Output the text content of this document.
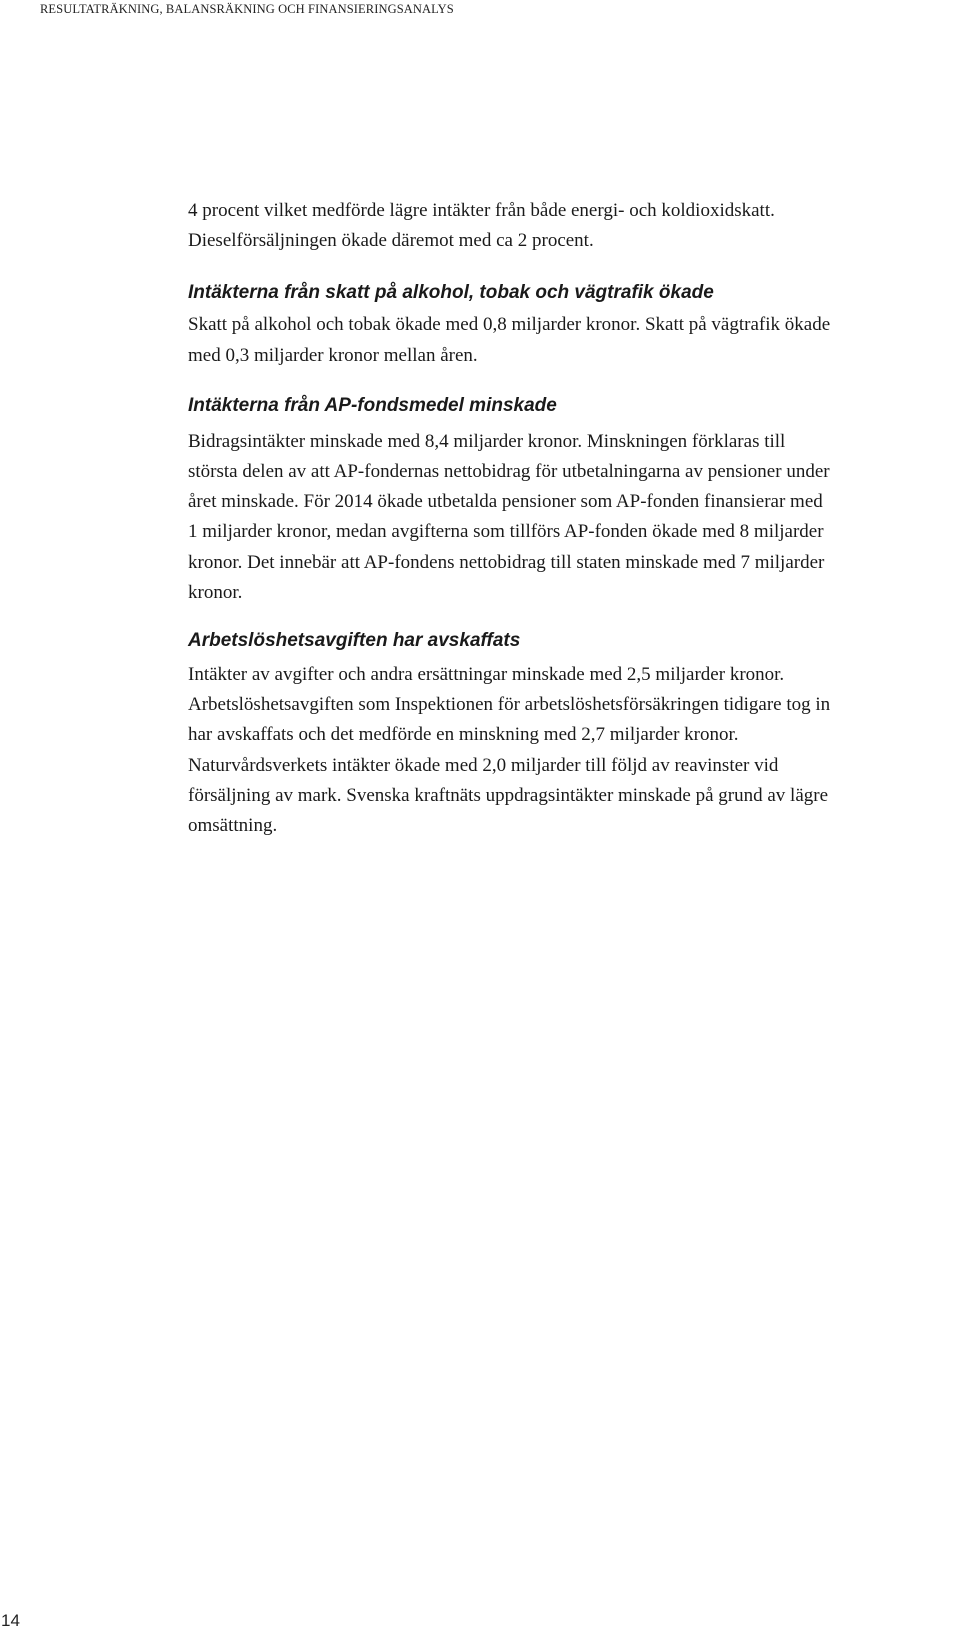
RESULTATRÄKNING, BALANSRÄKNING OCH FINANSIERINGSANALYS

4 procent vilket medförde lägre intäkter från både energi- och koldioxidskatt.
Dieselförsäljningen ökade däremot med ca 2 procent.

Intäkterna från skatt på alkohol, tobak och vägtrafik ökade

Skatt på alkohol och tobak ökade med 0,8 miljarder kronor. Skatt på vägtrafik ökade
med 0,3 miljarder kronor mellan åren.

Intäkterna från AP-fondsmedel minskade

Bidragsintäkter minskade med 8,4 miljarder kronor. Minskningen förklaras till
största delen av att AP-fondernas nettobidrag för utbetalningarna av pensioner under
året minskade. För 2014 ökade utbetalda pensioner som AP-fonden finansierar med
1 miljarder kronor, medan avgifterna som tillförs AP-fonden ökade med 8 miljarder
kronor. Det innebär att AP-fondens nettobidrag till staten minskade med 7 miljarder
kronor.

Arbetslöshetsavgiften har avskaffats

Intäkter av avgifter och andra ersättningar minskade med 2,5 miljarder kronor.
Arbetslöshetsavgiften som Inspektionen för arbetslöshetsförsäkringen tidigare tog in
har avskaffats och det medförde en minskning med 2,7 miljarder kronor.
Naturvårdsverkets intäkter ökade med 2,0 miljarder till följd av reavinster vid
försäljning av mark. Svenska kraftnäts uppdragsintäkter minskade på grund av lägre
omsättning.

14
